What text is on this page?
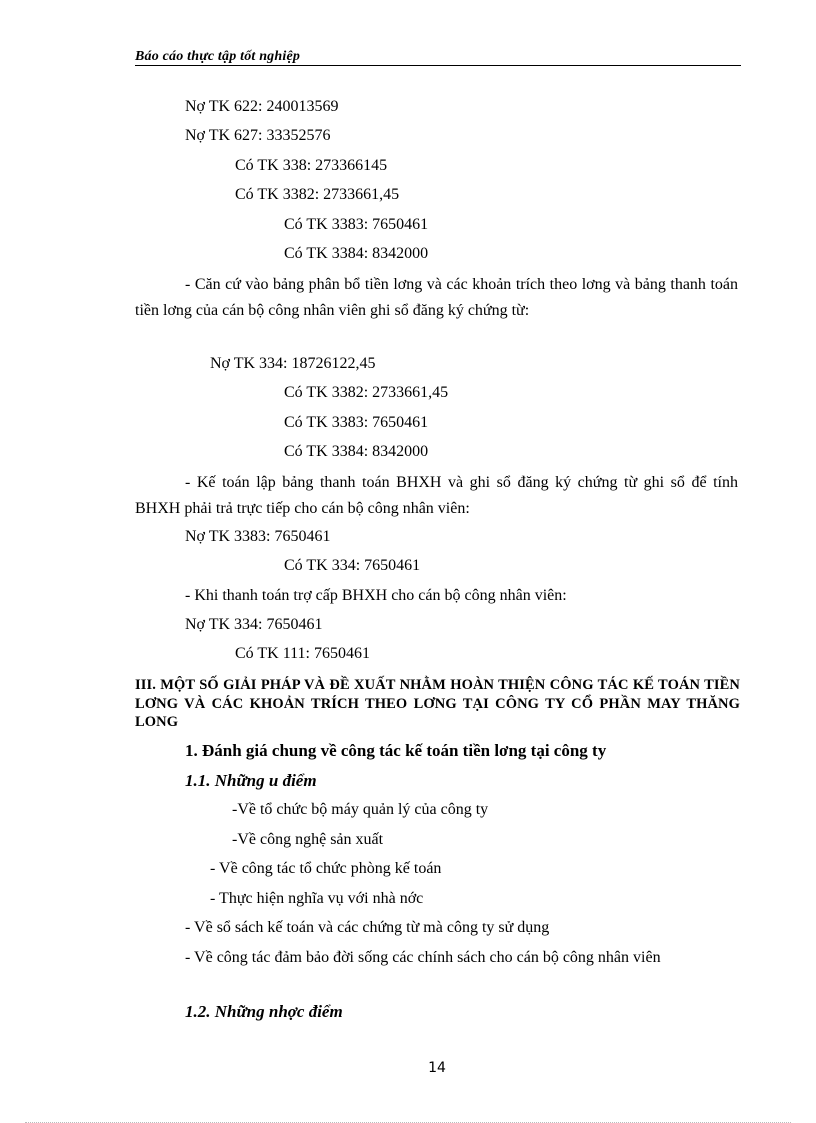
Báo cáo thực tập tốt nghiệp
Nợ TK 622: 240013569
Nợ TK 627: 33352576
Có TK 338: 273366145
Có TK 3382: 2733661,45
Có TK 3383: 7650461
Có TK 3384: 8342000
- Căn cứ vào bảng phân bổ tiền lơng và các khoản trích theo lơng và bảng thanh toán tiền lơng của cán bộ công nhân viên ghi sổ đăng ký chứng từ:
Nợ TK 334: 18726122,45
Có TK 3382: 2733661,45
Có TK 3383: 7650461
Có TK 3384: 8342000
- Kế toán lập bảng thanh toán BHXH và ghi sổ đăng ký chứng từ ghi sổ để tính BHXH phải trả trực tiếp cho cán bộ công nhân viên:
Nợ TK 3383: 7650461
Có TK 334: 7650461
- Khi thanh toán trợ cấp BHXH cho cán bộ công nhân viên:
Nợ TK 334: 7650461
Có TK 111: 7650461
III. MỘT SỐ GIẢI PHÁP VÀ ĐỀ XUẤT NHẰM HOÀN THIỆN CÔNG TÁC KẾ TOÁN TIỀN LƠNG VÀ CÁC KHOẢN TRÍCH THEO LƠNG TẠI CÔNG TY CỔ PHẦN MAY THĂNG LONG
1. Đánh giá chung về công tác kế toán tiền lơng tại công ty
1.1. Những u điểm
-Về tổ chức bộ máy quản lý của công ty
-Về công nghệ sản xuất
- Về công tác tổ chức phòng kế toán
- Thực hiện nghĩa vụ với nhà nớc
- Về sổ sách kế toán và các chứng từ mà công ty sử dụng
- Về công tác đảm bảo đời sống các chính sách cho cán bộ công nhân viên
1.2. Những nhợc điểm
14
